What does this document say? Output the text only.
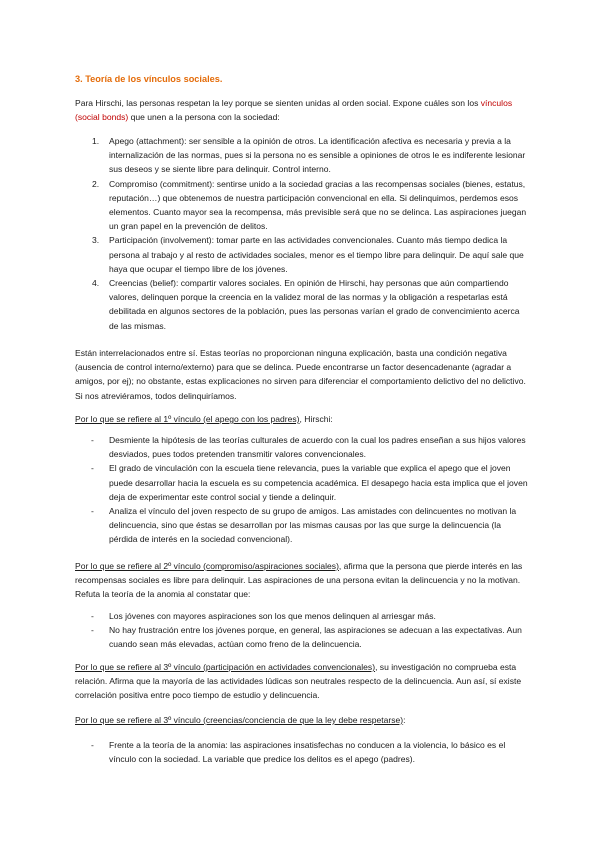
3. Teoría de los vínculos sociales.

Para Hirschi, las personas respetan la ley porque se sienten unidas al orden social. Expone cuáles son los vínculos (social bonds) que unen a la persona con la sociedad:

1. Apego (attachment): ser sensible a la opinión de otros. La identificación afectiva es necesaria y previa a la internalización de las normas, pues si la persona no es sensible a opiniones de otros le es indiferente lesionar sus deseos y se siente libre para delinquir. Control interno.
2. Compromiso (commitment): sentirse unido a la sociedad gracias a las recompensas sociales (bienes, estatus, reputación…) que obtenemos de nuestra participación convencional en ella. Si delinquimos, perdemos esos elementos. Cuanto mayor sea la recompensa, más previsible será que no se delinca. Las aspiraciones juegan un gran papel en la prevención de delitos.
3. Participación (involvement): tomar parte en las actividades convencionales. Cuanto más tiempo dedica la persona al trabajo y al resto de actividades sociales, menor es el tiempo libre para delinquir. De aquí sale que haya que ocupar el tiempo libre de los jóvenes.
4. Creencias (belief): compartir valores sociales. En opinión de Hirschi, hay personas que aún compartiendo valores, delinquen porque la creencia en la validez moral de las normas y la obligación a respetarlas está debilitada en algunos sectores de la población, pues las personas varían el grado de convencimiento acerca de las mismas.

Están interrelacionados entre sí. Estas teorías no proporcionan ninguna explicación, basta una condición negativa (ausencia de control interno/externo) para que se delinca. Puede encontrarse un factor desencadenante (agradar a amigos, por ej); no obstante, estas explicaciones no sirven para diferenciar el comportamiento delictivo del no delictivo. Si nos atreviéramos, todos delinquiríamos.

Por lo que se refiere al 1º vínculo (el apego con los padres), Hirschi:

- Desmiente la hipótesis de las teorías culturales de acuerdo con la cual los padres enseñan a sus hijos valores desviados, pues todos pretenden transmitir valores convencionales.
- El grado de vinculación con la escuela tiene relevancia, pues la variable que explica el apego que el joven puede desarrollar hacia la escuela es su competencia académica. El desapego hacia esta implica que el joven deja de experimentar este control social y tiende a delinquir.
- Analiza el vínculo del joven respecto de su grupo de amigos. Las amistades con delincuentes no motivan la delincuencia, sino que éstas se desarrollan por las mismas causas por las que surge la delincuencia (la pérdida de interés en la sociedad convencional).

Por lo que se refiere al 2º vínculo (compromiso/aspiraciones sociales), afirma que la persona que pierde interés en las recompensas sociales es libre para delinquir. Las aspiraciones de una persona evitan la delincuencia y no la motivan. Refuta la teoría de la anomia al constatar que:

- Los jóvenes con mayores aspiraciones son los que menos delinquen al arriesgar más.
- No hay frustración entre los jóvenes porque, en general, las aspiraciones se adecuan a las expectativas. Aun cuando sean más elevadas, actúan como freno de la delincuencia.

Por lo que se refiere al 3º vínculo (participación en actividades convencionales), su investigación no comprueba esta relación. Afirma que la mayoría de las actividades lúdicas son neutrales respecto de la delincuencia. Aun así, sí existe correlación positiva entre poco tiempo de estudio y delincuencia.

Por lo que se refiere al 3º vínculo (creencias/conciencia de que la ley debe respetarse):

- Frente a la teoría de la anomia: las aspiraciones insatisfechas no conducen a la violencia, lo básico es el vínculo con la sociedad. La variable que predice los delitos es el apego (padres).
